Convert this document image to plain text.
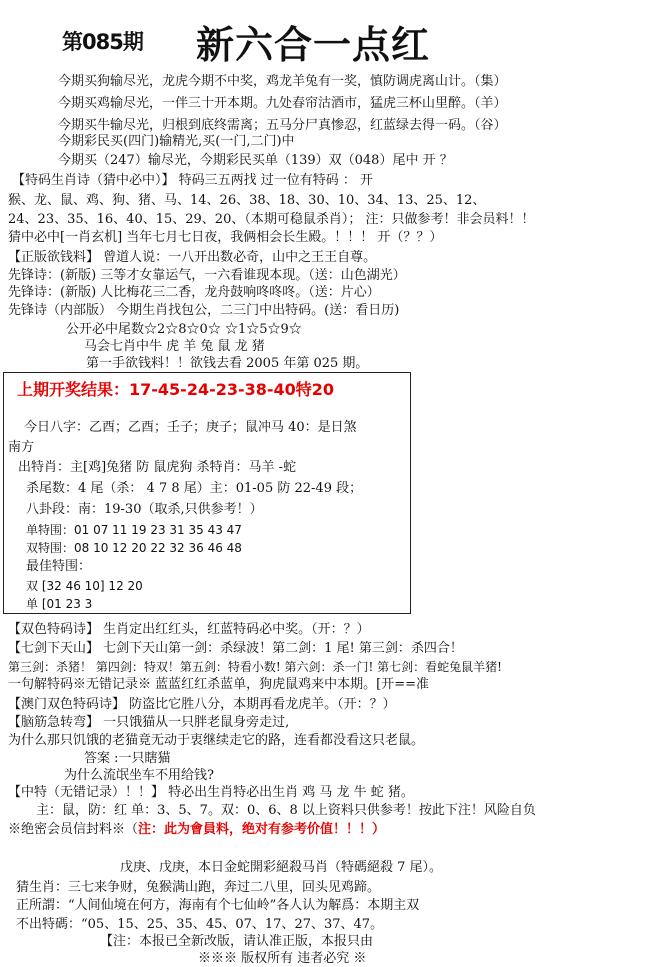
第085期 新六合一点红
今期买狗输尽光，龙虎今期不中奖，鸡龙羊兔有一奖，慎防调虎离山计。（集）
今期买鸡输尽光，一伴三十开本期。九处春帘沽酒市，猛虎三杯山里醉。（羊）
今期买牛输尽光，归根到底终需离；五马分尸真惨忍，红蓝绿去得一码。（谷）
今期彩民买(四门)输精光,买(一门,二门)中
今期买（247）输尽光，今期彩民买单（139）双（048）尾中 开 ？
【特码生肖诗（猜中必中）】 特码三五两找 过一位有特码 ： 开
猴、龙、鼠、鸡、狗、猪、马、14、26、38、18、30、10、34、13、25、12、
24、23、35、16、40、15、29、20、（本期可稳鼠杀肖）； 注：只做参考！非会员料！！
猜中必中[一肖玄机] 当年七月七日夜，我俩相会长生殿。！！！ 开（？？）
【正版欲钱料】 曾道人说：一八开出数必奇，山中之王王自尊。
先锋诗：(新版) 三等才女靠运气，一六看谁现本现。（送：山色湖光）
先锋诗：(新版) 人比梅花三二香，龙舟鼓响咚咚咚。（送：片心）
先锋诗（内部版） 今期生肖找包公，二三门中出特码。(送：看日历)
公开必中尾数☆2☆8☆0☆ ☆1☆5☆9☆
马会七肖中牛 虎 羊 兔 鼠 龙 猪
第一手欲钱料！！欲钱去看 2005 年第 025 期。
上期开奖结果：17-45-24-23-38-40特20
今日八字：乙酉；乙酉；壬子；庚子；鼠冲马 40：是日煞
南方
出特肖：主[鸡]兔猪 防 鼠虎狗 杀特肖：马羊 -蛇
杀尾数：4 尾（杀： 4 7 8 尾）主：01-05 防 22-49 段；
八卦段：南：19-30（取杀,只供参考！）
单特围：01 07 11 19 23 31 35 43 47
双特围：08 10 12 20 22 32 36 46 48
最佳特围：
双 [32 46 10] 12 20
单 [01 23 3
【双色特码诗】 生肖定出红红头，红蓝特码必中奖。（开：？）
【七剑下天山】 七剑下天山第一剑：杀绿波！第二剑：1 尾! 第三剑：杀四合！
第三剑：杀猪！ 第四剑：特双！第五剑：特看小数! 第六剑：杀一门! 第七剑：看蛇兔鼠羊猪!
一句解特码※无错记录※ 蓝蓝红红杀蓝单，狗虎鼠鸡来中本期。[开==准
【澳门双色特码诗】 防盗比它胜八分，本期再看龙虎羊。（开：？）
【脑筋急转弯】 一只饿猫从一只胖老鼠身旁走过,
为什么那只饥饿的老猫竟无动于衷继续走它的路，连看都没看这只老鼠。
答案 :一只瞎猫
为什么流氓坐车不用给钱?
【中特（无错记录）！！】 特必出生肖特必出生肖 鸡 马 龙 牛 蛇 猪。
主：鼠，防：红 单：3、5、7。双：0、6、8 以上资料只供参考！按此下注！风险自负
※绝密会员信封料※（注：此为會員料，绝对有参考价值！！！）
戊庚、戊庚，本日金蛇開彩絕殺马肖（特碼絕殺 7 尾）。
猜生肖：三七来争财，兔猴满山跑，奔过二八里，回头见鸡蹄。
正所謂：“人间仙境在何方，海南有个七仙岭”各人认为解爲：本期主双
不出特碼：“05、15、25、35、45、07、17、27、37、47。
【注：本报已全新改版，请认准正版，本报只由
※※※ 版权所有 违者必究 ※
